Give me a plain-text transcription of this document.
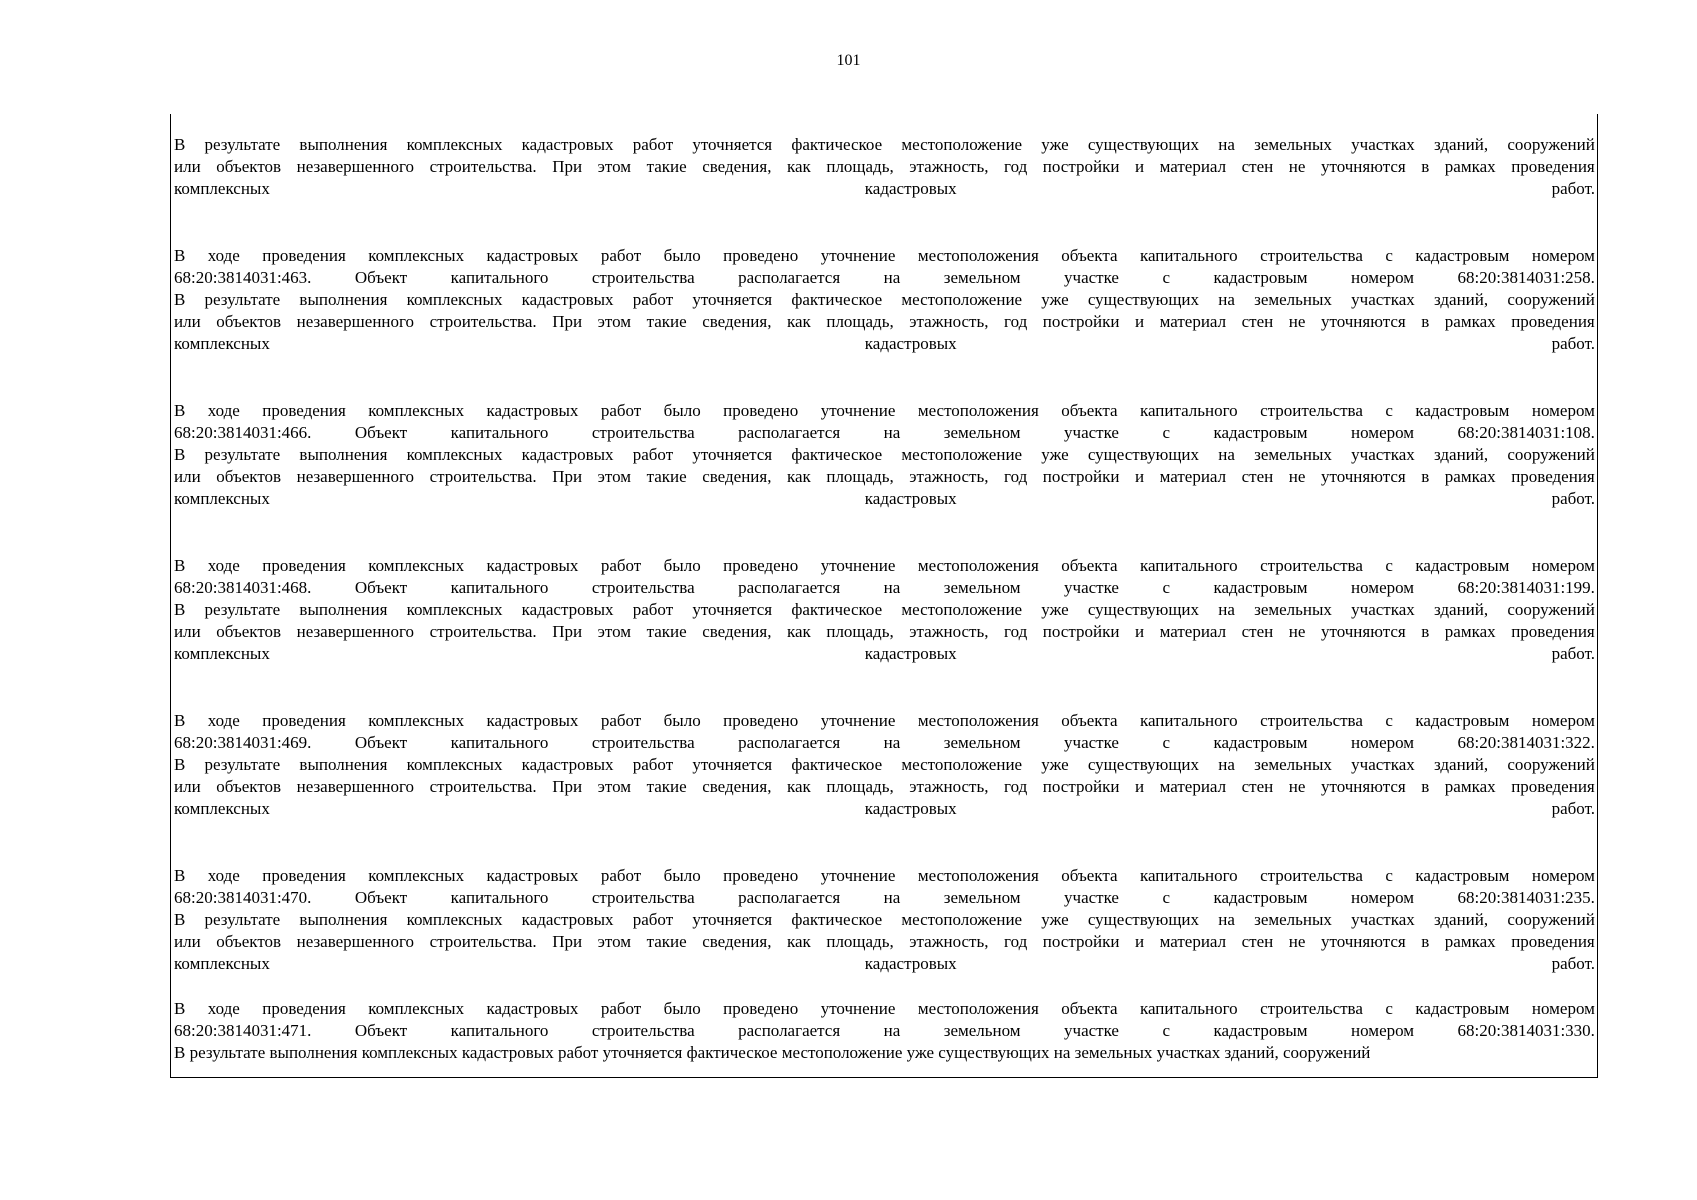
101
В результате выполнения комплексных кадастровых работ уточняется фактическое местоположение уже существующих на земельных участках зданий, сооружений
или объектов незавершенного строительства. При этом такие сведения, как площадь, этажность, год постройки и материал стен не уточняются в рамках проведения
комплексных	кадастровых	работ.
В ходе проведения комплексных кадастровых работ было проведено уточнение местоположения объекта капитального строительства с кадастровым номером
68:20:3814031:463.	Объект	капитального	строительства	располагается	на	земельном	участке	с	кадастровым	номером	68:20:3814031:258.
В результате выполнения комплексных кадастровых работ уточняется фактическое местоположение уже существующих на земельных участках зданий, сооружений
или объектов незавершенного строительства. При этом такие сведения, как площадь, этажность, год постройки и материал стен не уточняются в рамках проведения
комплексных	кадастровых	работ.
В ходе проведения комплексных кадастровых работ было проведено уточнение местоположения объекта капитального строительства с кадастровым номером
68:20:3814031:466.	Объект	капитального	строительства	располагается	на	земельном	участке	с	кадастровым	номером	68:20:3814031:108.
В результате выполнения комплексных кадастровых работ уточняется фактическое местоположение уже существующих на земельных участках зданий, сооружений
или объектов незавершенного строительства. При этом такие сведения, как площадь, этажность, год постройки и материал стен не уточняются в рамках проведения
комплексных	кадастровых	работ.
В ходе проведения комплексных кадастровых работ было проведено уточнение местоположения объекта капитального строительства с кадастровым номером
68:20:3814031:468.	Объект	капитального	строительства	располагается	на	земельном	участке	с	кадастровым	номером	68:20:3814031:199.
В результате выполнения комплексных кадастровых работ уточняется фактическое местоположение уже существующих на земельных участках зданий, сооружений
или объектов незавершенного строительства. При этом такие сведения, как площадь, этажность, год постройки и материал стен не уточняются в рамках проведения
комплексных	кадастровых	работ.
В ходе проведения комплексных кадастровых работ было проведено уточнение местоположения объекта капитального строительства с кадастровым номером
68:20:3814031:469.	Объект	капитального	строительства	располагается	на	земельном	участке	с	кадастровым	номером	68:20:3814031:322.
В результате выполнения комплексных кадастровых работ уточняется фактическое местоположение уже существующих на земельных участках зданий, сооружений
или объектов незавершенного строительства. При этом такие сведения, как площадь, этажность, год постройки и материал стен не уточняются в рамках проведения
комплексных	кадастровых	работ.
В ходе проведения комплексных кадастровых работ было проведено уточнение местоположения объекта капитального строительства с кадастровым номером
68:20:3814031:470.	Объект	капитального	строительства	располагается	на	земельном	участке	с	кадастровым	номером	68:20:3814031:235.
В результате выполнения комплексных кадастровых работ уточняется фактическое местоположение уже существующих на земельных участках зданий, сооружений
или объектов незавершенного строительства. При этом такие сведения, как площадь, этажность, год постройки и материал стен не уточняются в рамках проведения
комплексных	кадастровых	работ.
В ходе проведения комплексных кадастровых работ было проведено уточнение местоположения объекта капитального строительства с кадастровым номером
68:20:3814031:471.	Объект	капитального	строительства	располагается	на	земельном	участке	с	кадастровым	номером	68:20:3814031:330.
В результате выполнения комплексных кадастровых работ уточняется фактическое местоположение уже существующих на земельных участках зданий, сооружений
